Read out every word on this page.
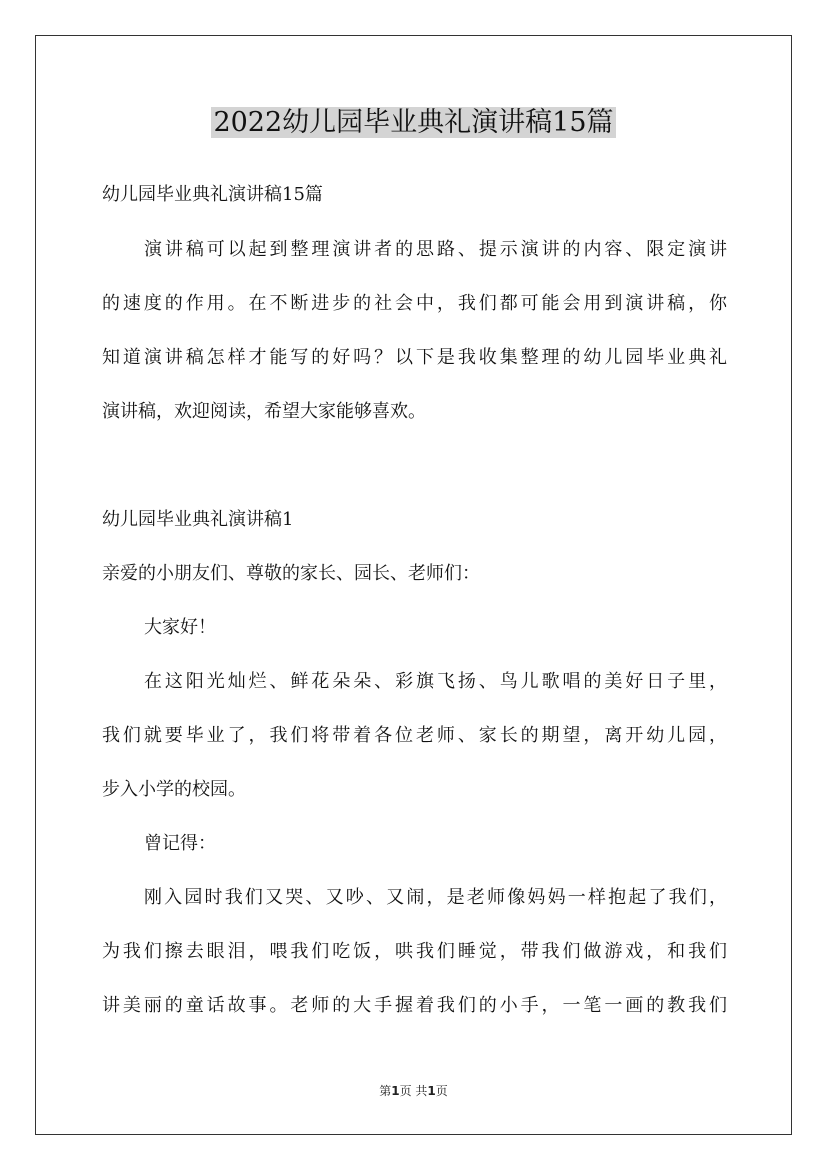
2022幼儿园毕业典礼演讲稿15篇
幼儿园毕业典礼演讲稿15篇
演讲稿可以起到整理演讲者的思路、提示演讲的内容、限定演讲
的速度的作用。在不断进步的社会中，我们都可能会用到演讲稿，你
知道演讲稿怎样才能写的好吗？以下是我收集整理的幼儿园毕业典礼
演讲稿，欢迎阅读，希望大家能够喜欢。
幼儿园毕业典礼演讲稿1
亲爱的小朋友们、尊敬的家长、园长、老师们：
大家好！
在这阳光灿烂、鲜花朵朵、彩旗飞扬、鸟儿歌唱的美好日子里，
我们就要毕业了，我们将带着各位老师、家长的期望，离开幼儿园，
步入小学的校园。
曾记得：
刚入园时我们又哭、又吵、又闹，是老师像妈妈一样抱起了我们，
为我们擦去眼泪，喂我们吃饭，哄我们睡觉，带我们做游戏，和我们
讲美丽的童话故事。老师的大手握着我们的小手，一笔一画的教我们
第1页 共1页
